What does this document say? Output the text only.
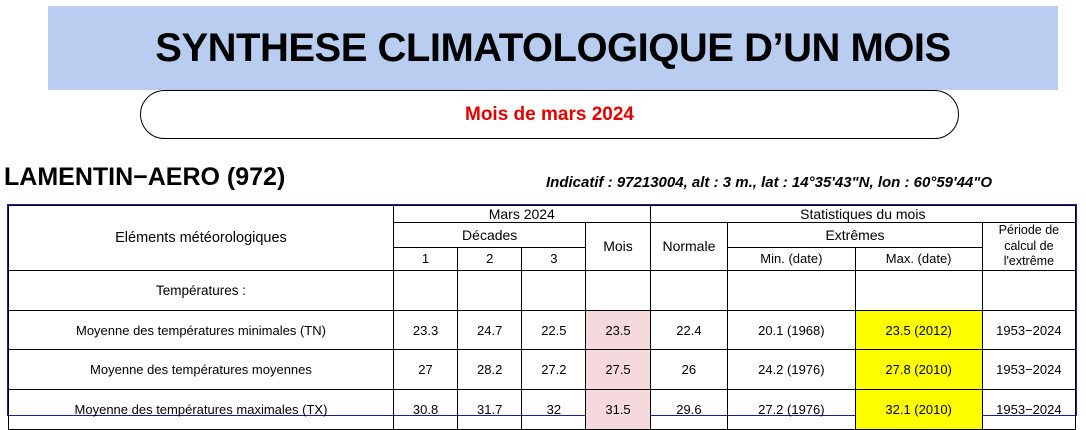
SYNTHESE CLIMATOLOGIQUE D’UN MOIS
Mois de mars 2024
LAMENTIN−AERO (972)	Indicatif : 97213004, alt : 3 m., lat : 14°35'43"N, lon : 60°59'44"O
Eléments météorologiques	Mars 2024				Statistiques du mois			
	Décades			Mois	Normale	Extrêmes		Période de calcul de l'extrême
	1	2	3			Min. (date)	Max. (date)	
Températures :								
Moyenne des températures minimales (TN)	23.3	24.7	22.5	23.5	22.4	20.1 (1968)	23.5 (2012)	1953−2024
Moyenne des températures moyennes	27	28.2	27.2	27.5	26	24.2 (1976)	27.8 (2010)	1953−2024
Moyenne des températures maximales (TX)	30.8	31.7	32	31.5	29.6	27.2 (1976)	32.1 (2010)	1953−2024
